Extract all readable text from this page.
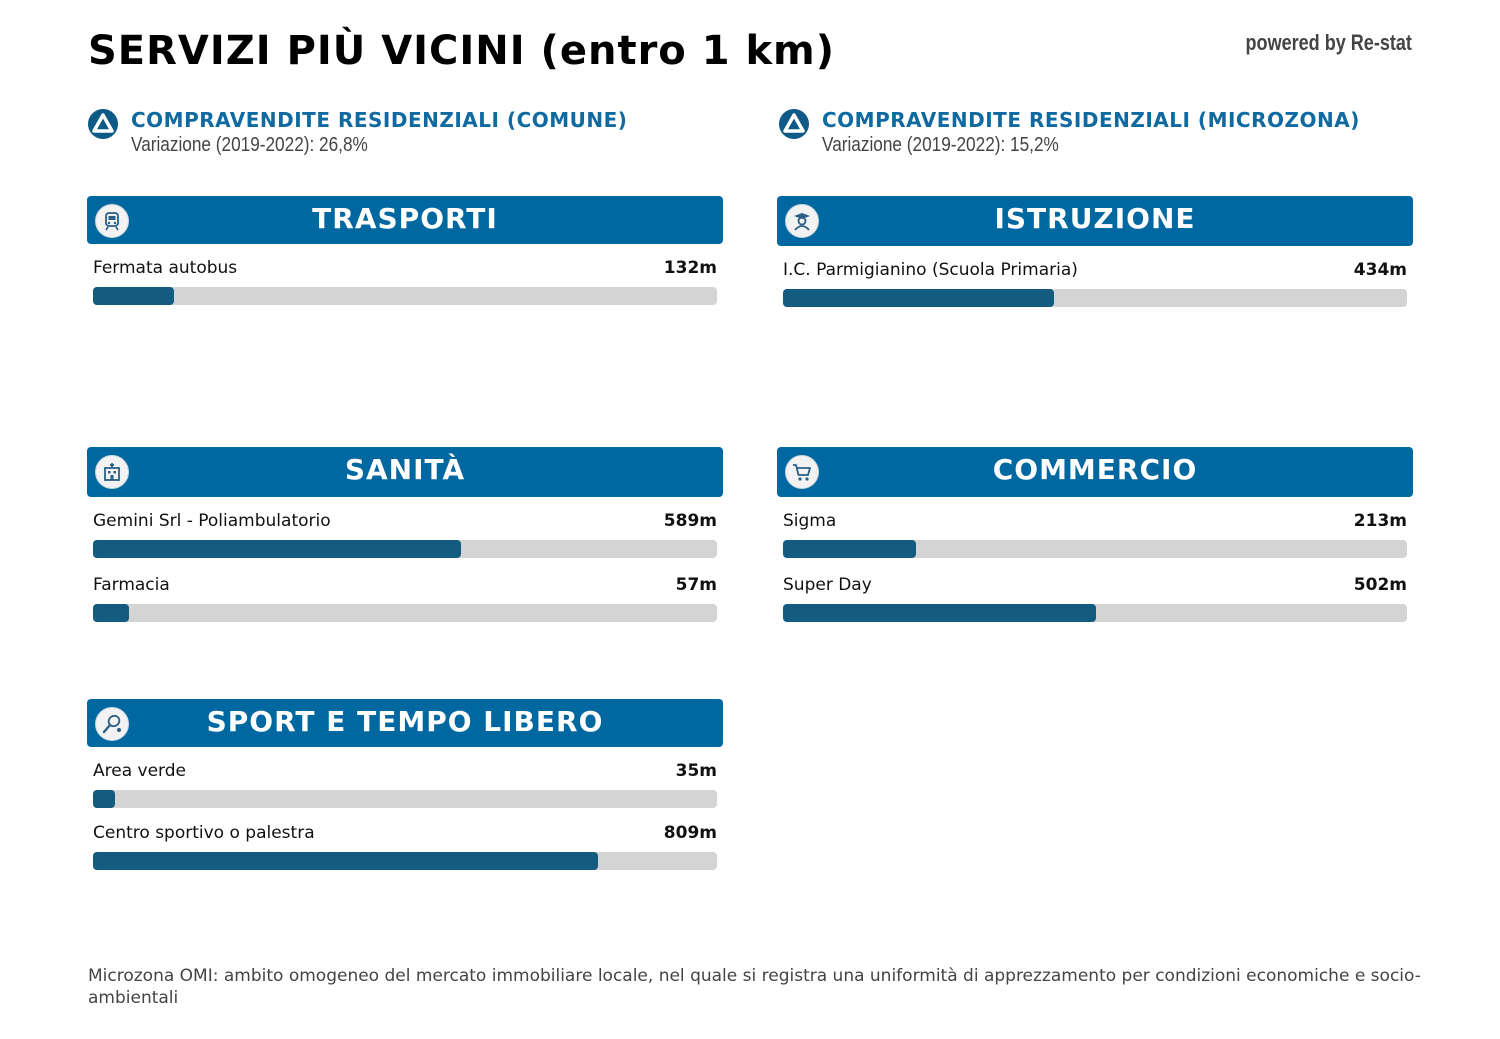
SERVIZI PIÙ VICINI (entro 1 km)	powered by Re-stat
COMPRAVENDITE RESIDENZIALI (COMUNE)
Variazione (2019-2022): 26,8%
COMPRAVENDITE RESIDENZIALI (MICROZONA)
Variazione (2019-2022): 15,2%
TRASPORTI
Fermata autobus	132m
ISTRUZIONE
I.C. Parmigianino (Scuola Primaria)	434m
SANITÀ
Gemini Srl - Poliambulatorio	589m
Farmacia	57m
COMMERCIO
Sigma	213m
Super Day	502m
SPORT E TEMPO LIBERO
Area verde	35m
Centro sportivo o palestra	809m
Microzona OMI: ambito omogeneo del mercato immobiliare locale, nel quale si registra una uniformità di apprezzamento per condizioni economiche e socio-ambientali
